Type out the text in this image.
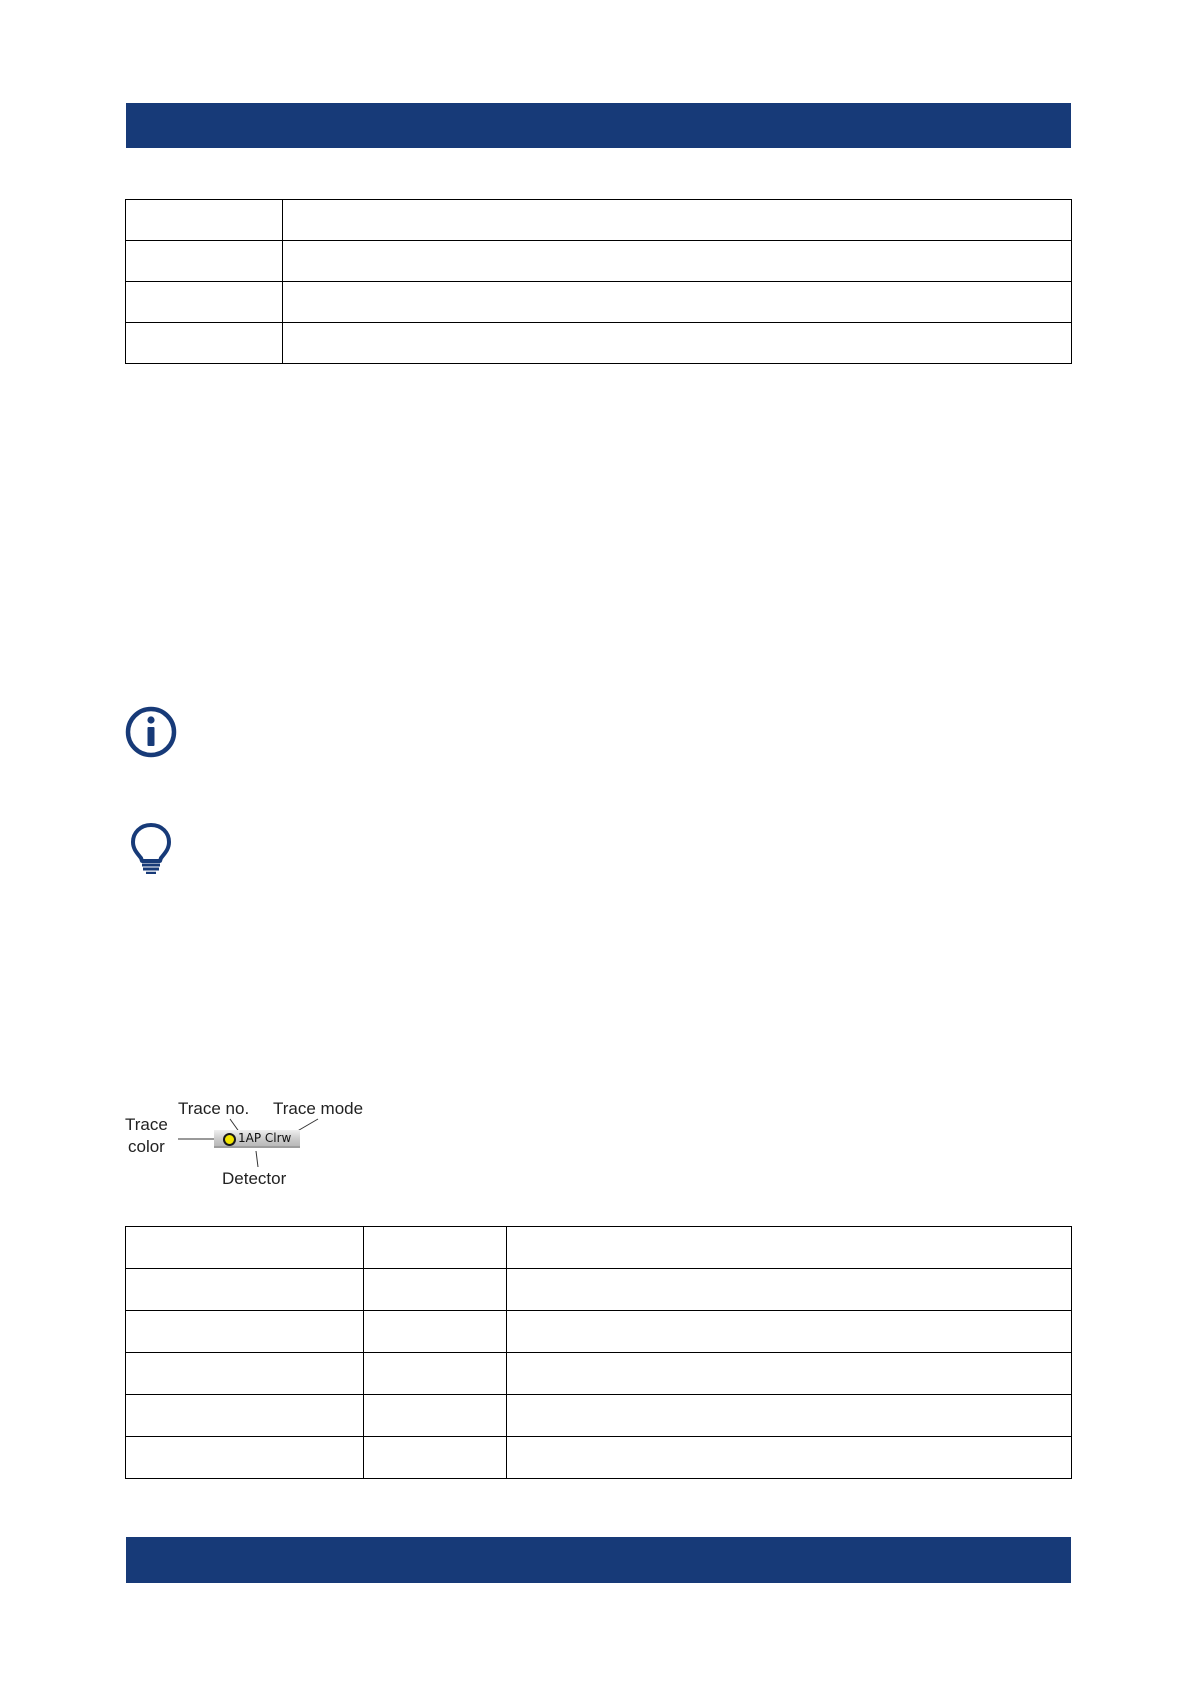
Trace
color
Trace no. Trace mode
Detector
1AP Clrw
